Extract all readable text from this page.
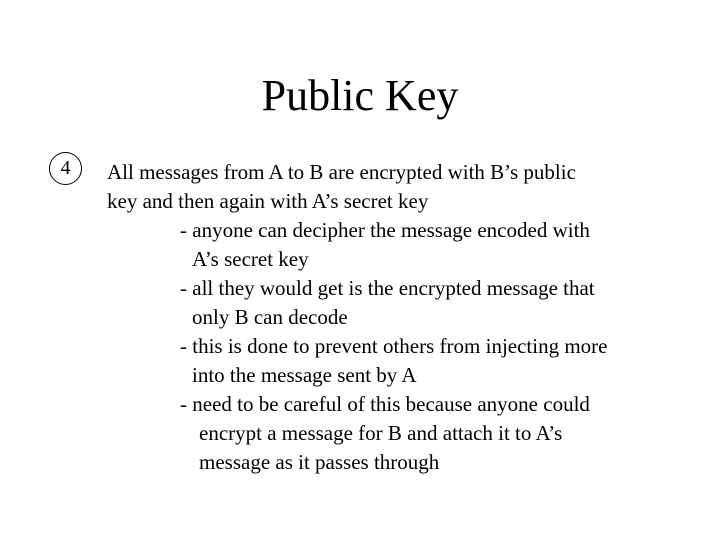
Public Key
4	All messages from A to B are encrypted with B’s public
key and then again with A’s secret key
- anyone can decipher the message encoded with
A’s secret key
- all they would get is the encrypted message that
only B can decode
- this is done to prevent others from injecting more
into the message sent by A
- need to be careful of this because anyone could
encrypt a message for B and attach it to A’s
message as it passes through
